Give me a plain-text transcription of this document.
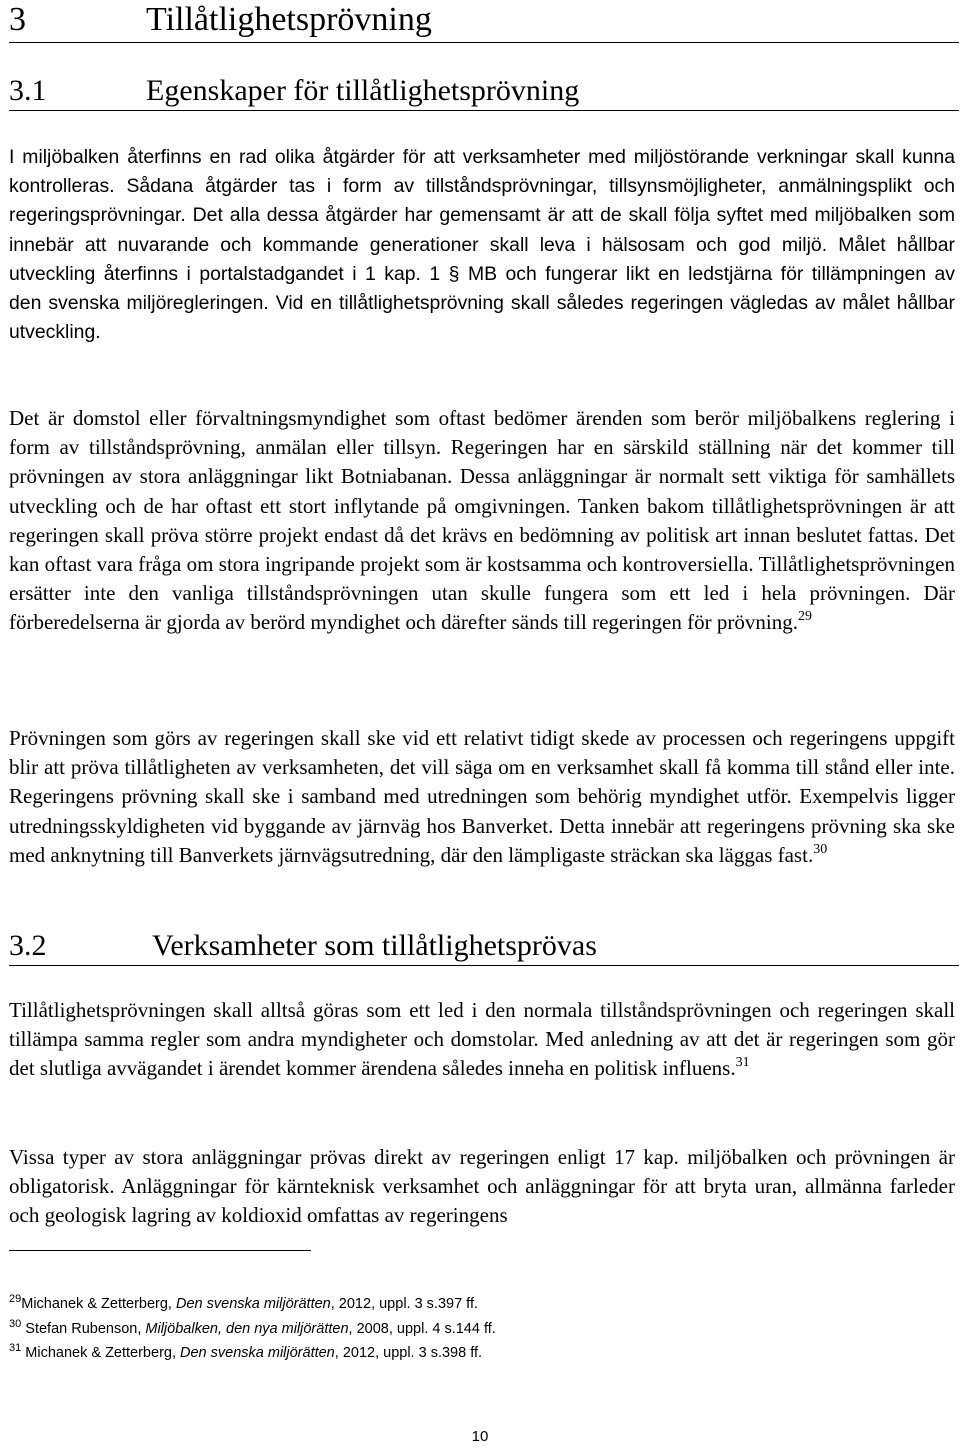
3	Tillåtlighetsprövning
3.1	Egenskaper för tillåtlighetsprövning

I miljöbalken återfinns en rad olika åtgärder för att verksamheter med miljöstörande verkningar skall kunna kontrolleras. Sådana åtgärder tas i form av tillståndsprövningar, tillsynsmöjligheter, anmälningsplikt och regeringsprövningar. Det alla dessa åtgärder har gemensamt är att de skall följa syftet med miljöbalken som innebär att nuvarande och kommande generationer skall leva i hälsosam och god miljö. Målet hållbar utveckling återfinns i portalstadgandet i 1 kap. 1 § MB och fungerar likt en ledstjärna för tillämpningen av den svenska miljöregleringen. Vid en tillåtlighetsprövning skall således regeringen vägledas av målet hållbar utveckling.

Det är domstol eller förvaltningsmyndighet som oftast bedömer ärenden som berör miljöbalkens reglering i form av tillståndsprövning, anmälan eller tillsyn. Regeringen har en särskild ställning när det kommer till prövningen av stora anläggningar likt Botniabanan. Dessa anläggningar är normalt sett viktiga för samhällets utveckling och de har oftast ett stort inflytande på omgivningen. Tanken bakom tillåtlighetsprövningen är att regeringen skall pröva större projekt endast då det krävs en bedömning av politisk art innan beslutet fattas. Det kan oftast vara fråga om stora ingripande projekt som är kostsamma och kontroversiella. Tillåtlighetsprövningen ersätter inte den vanliga tillståndsprövningen utan skulle fungera som ett led i hela prövningen. Där förberedelserna är gjorda av berörd myndighet och därefter sänds till regeringen för prövning.$^{29}$

Prövningen som görs av regeringen skall ske vid ett relativt tidigt skede av processen och regeringens uppgift blir att pröva tillåtligheten av verksamheten, det vill säga om en verksamhet skall få komma till stånd eller inte. Regeringens prövning skall ske i samband med utredningen som behörig myndighet utför. Exempelvis ligger utredningsskyldigheten vid byggande av järnväg hos Banverket. Detta innebär att regeringens prövning ska ske med anknytning till Banverkets järnvägsutredning, där den lämpligaste sträckan ska läggas fast.$^{30}$

3.2	Verksamheter som tillåtlighetsprövas

Tillåtlighetsprövningen skall alltså göras som ett led i den normala tillståndsprövningen och regeringen skall tillämpa samma regler som andra myndigheter och domstolar. Med anledning av att det är regeringen som gör det slutliga avvägandet i ärendet kommer ärendena således inneha en politisk influens.$^{31}$

Vissa typer av stora anläggningar prövas direkt av regeringen enligt 17 kap. miljöbalken och prövningen är obligatorisk. Anläggningar för kärnteknisk verksamhet och anläggningar för att bryta uran, allmänna farleder och geologisk lagring av koldioxid omfattas av regeringens

$^{29}$Michanek & Zetterberg, Den svenska miljörätten, 2012, uppl. 3 s.397 ff.
$^{30}$ Stefan Rubenson, Miljöbalken, den nya miljörätten, 2008, uppl. 4 s.144 ff.
$^{31}$ Michanek & Zetterberg, Den svenska miljörätten, 2012, uppl. 3 s.398 ff.
10
